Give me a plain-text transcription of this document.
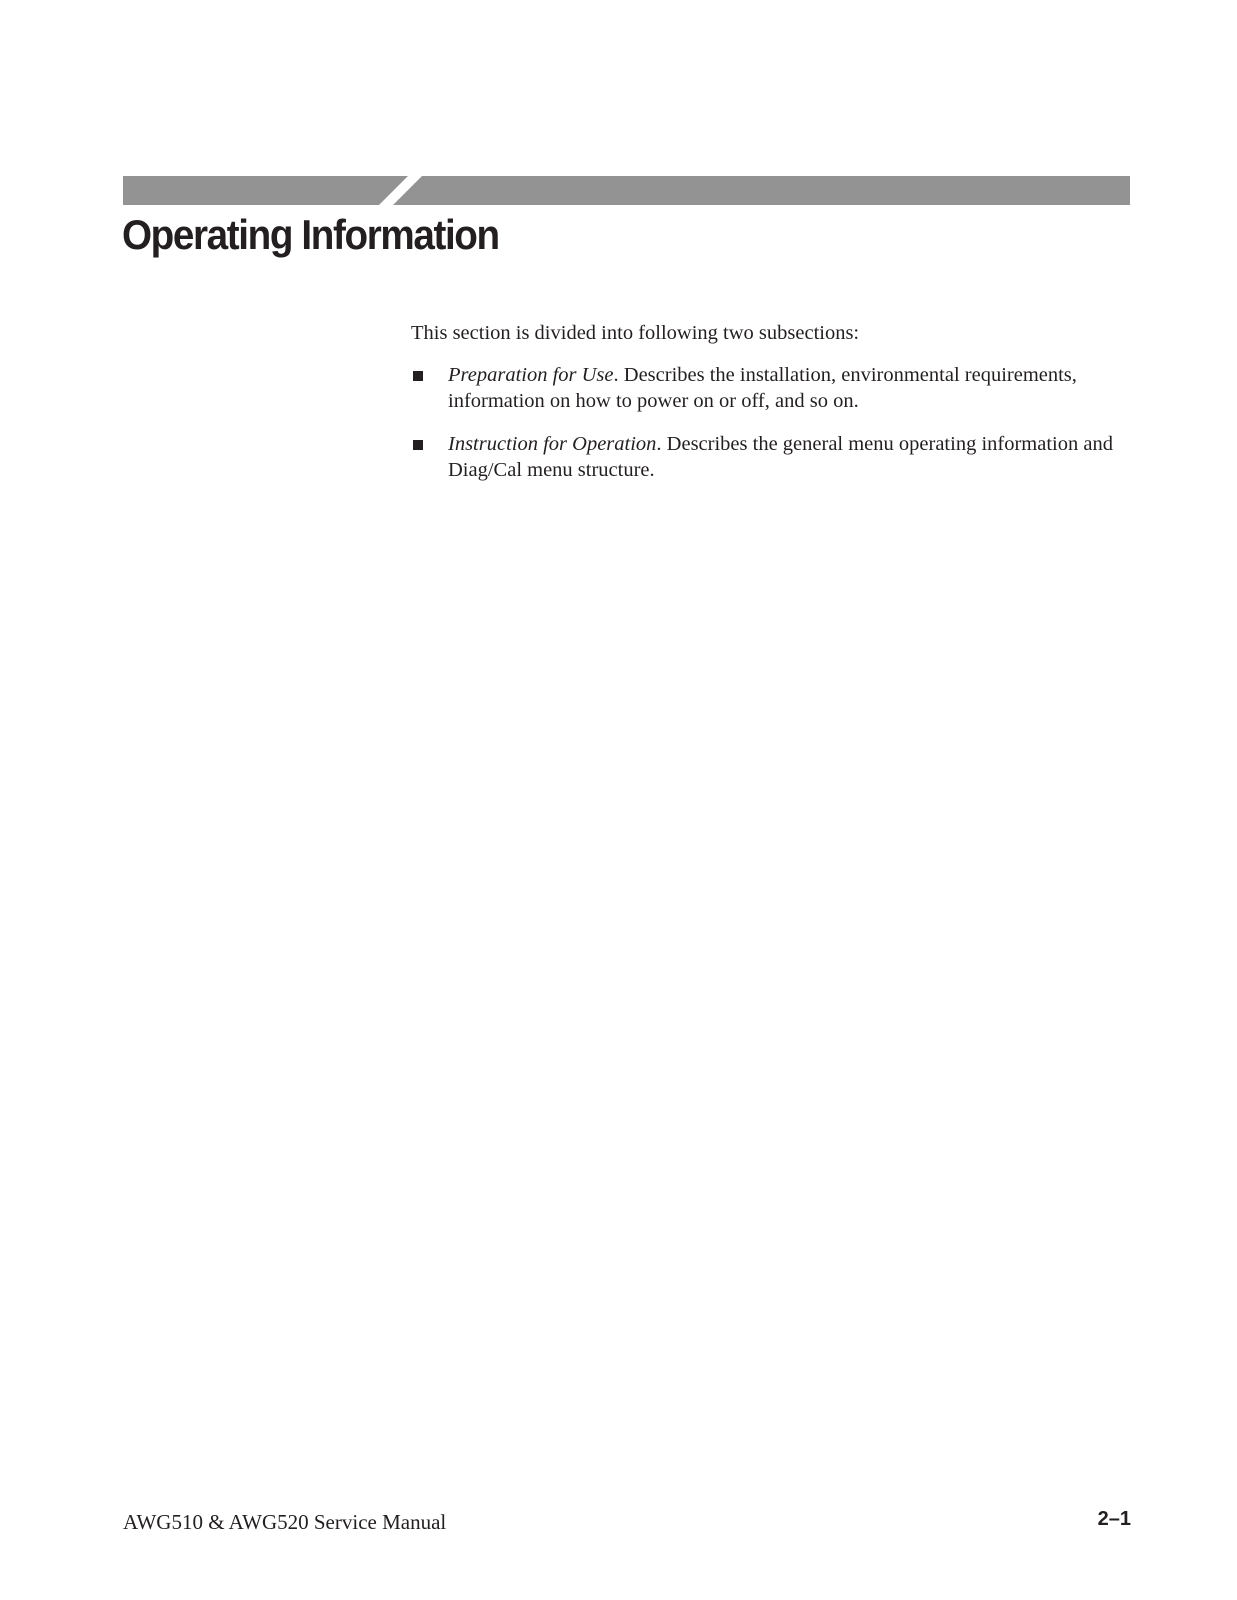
Operating Information

This section is divided into following two subsections:

Preparation for Use. Describes the installation, environmental requirements, information on how to power on or off, and so on.
Instruction for Operation. Describes the general menu operating information and Diag/Cal menu structure.
AWG510 & AWG520 Service Manual	2–1
